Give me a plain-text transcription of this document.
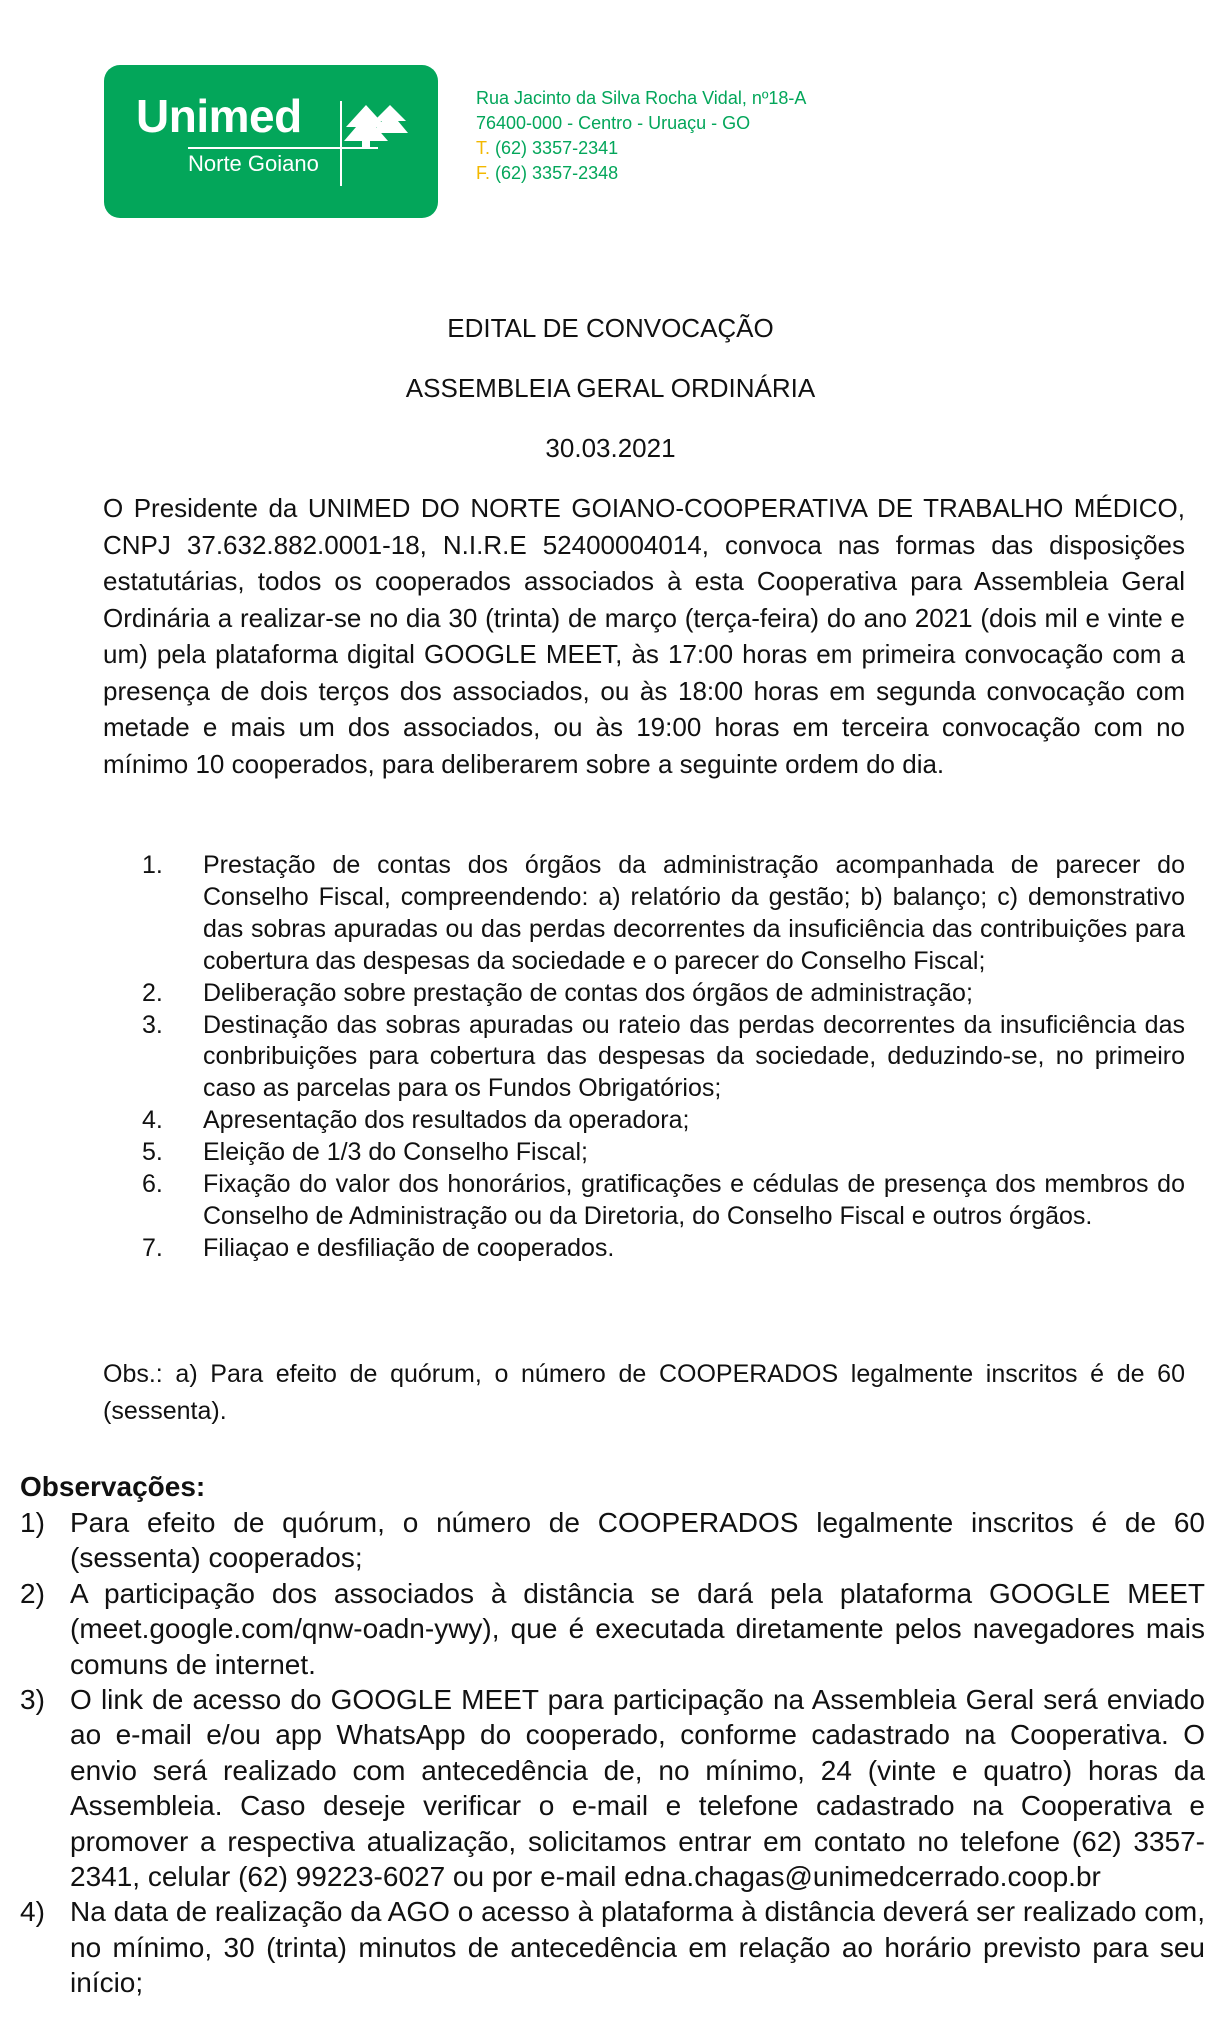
Unimed
Norte Goiano
Rua Jacinto da Silva Rocha Vidal, nº18-A
76400-000 - Centro - Uruaçu - GO
T. (62) 3357-2341
F. (62) 3357-2348
EDITAL DE CONVOCAÇÃO
ASSEMBLEIA GERAL ORDINÁRIA
30.03.2021
O Presidente da UNIMED DO NORTE GOIANO-COOPERATIVA DE TRABALHO MÉDICO, CNPJ 37.632.882.0001-18, N.I.R.E 52400004014, convoca nas formas das disposições estatutárias, todos os cooperados associados à esta Cooperativa para Assembleia Geral Ordinária a realizar-se no dia 30 (trinta) de março (terça-feira) do ano 2021 (dois mil e vinte e um) pela plataforma digital GOOGLE MEET, às 17:00 horas em primeira convocação com a presença de dois terços dos associados, ou às 18:00 horas em segunda convocação com metade e mais um dos associados, ou às 19:00 horas em terceira convocação com no mínimo 10 cooperados, para deliberarem sobre a seguinte ordem do dia.
1.	Prestação de contas dos órgãos da administração acompanhada de parecer do Conselho Fiscal, compreendendo: a) relatório da gestão; b) balanço; c) demonstrativo das sobras apuradas ou das perdas decorrentes da insuficiência das contribuições para cobertura das despesas da sociedade e o parecer do Conselho Fiscal;
2.	Deliberação sobre prestação de contas dos órgãos de administração;
3.	Destinação das sobras apuradas ou rateio das perdas decorrentes da insuficiência das conbribuições para cobertura das despesas da sociedade, deduzindo-se, no primeiro caso as parcelas para os Fundos Obrigatórios;
4.	Apresentação dos resultados da operadora;
5.	Eleição de 1/3 do Conselho Fiscal;
6.	Fixação do valor dos honorários, gratificações e cédulas de presença dos membros do Conselho de Administração ou da Diretoria, do Conselho Fiscal e outros órgãos.
7.	Filiaçao e desfiliação de cooperados.
Obs.: a) Para efeito de quórum, o número de COOPERADOS legalmente inscritos é de 60 (sessenta).
Observações:
1) Para efeito de quórum, o número de COOPERADOS legalmente inscritos é de 60 (sessenta) cooperados;
2) A participação dos associados à distância se dará pela plataforma GOOGLE MEET (meet.google.com/qnw-oadn-ywy), que é executada diretamente pelos navegadores mais comuns de internet.
3) O link de acesso do GOOGLE MEET para participação na Assembleia Geral será enviado ao e-mail e/ou app WhatsApp do cooperado, conforme cadastrado na Cooperativa. O envio será realizado com antecedência de, no mínimo, 24 (vinte e quatro) horas da Assembleia. Caso deseje verificar o e-mail e telefone cadastrado na Cooperativa e promover a respectiva atualização, solicitamos entrar em contato no telefone (62) 3357-2341, celular (62) 99223-6027 ou por e-mail edna.chagas@unimedcerrado.coop.br
4) Na data de realização da AGO o acesso à plataforma à distância deverá ser realizado com, no mínimo, 30 (trinta) minutos de antecedência em relação ao horário previsto para seu início;
